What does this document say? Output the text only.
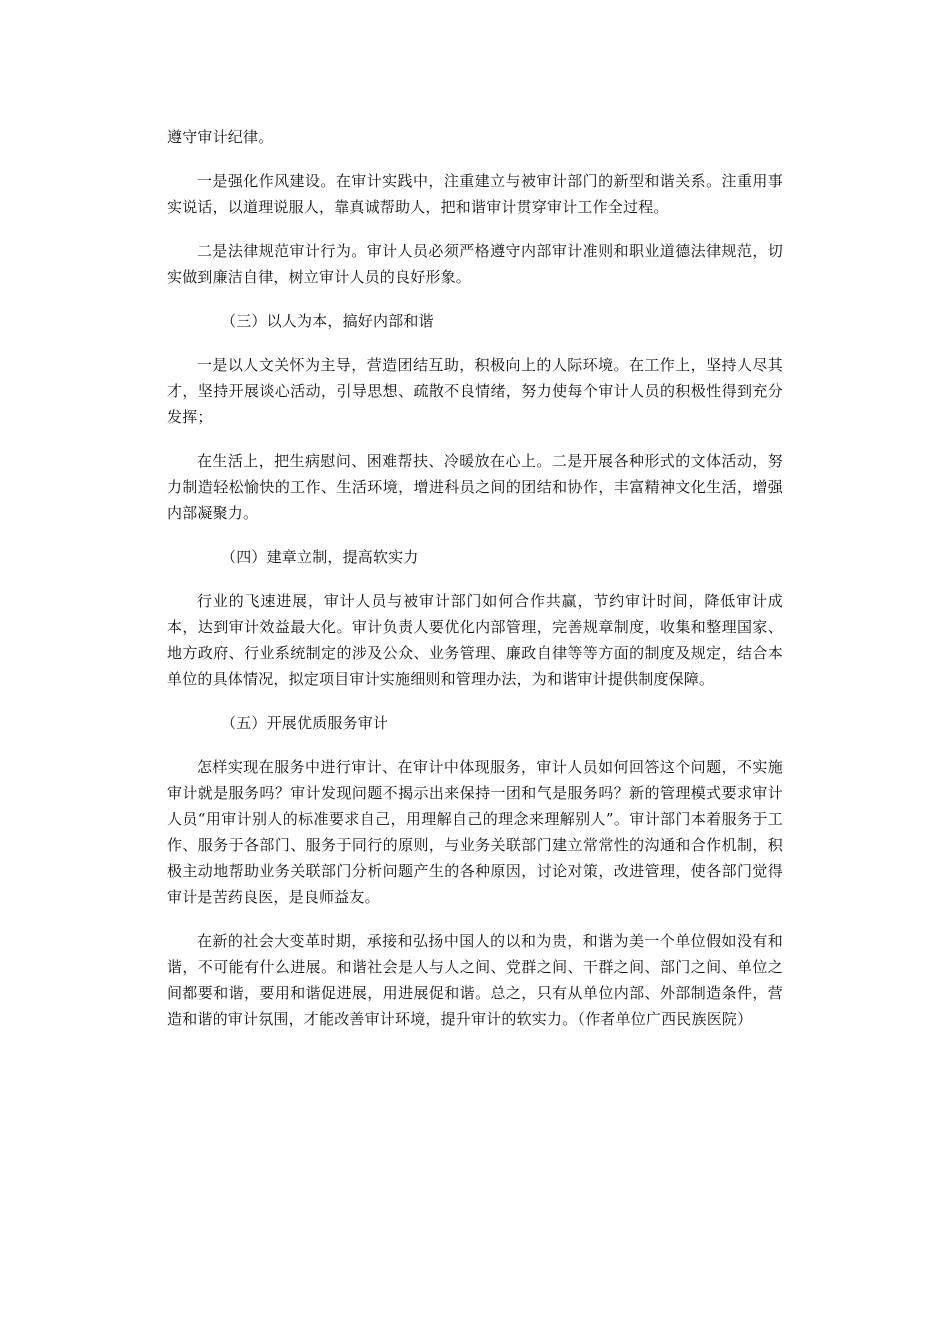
遵守审计纪律。

一是强化作风建设。在审计实践中，注重建立与被审计部门的新型和谐关系。注重用事实说话，以道理说服人，靠真诚帮助人，把和谐审计贯穿审计工作全过程。

二是法律规范审计行为。审计人员必须严格遵守内部审计准则和职业道德法律规范，切实做到廉洁自律，树立审计人员的良好形象。

（三）以人为本，搞好内部和谐

一是以人文关怀为主导，营造团结互助，积极向上的人际环境。在工作上，坚持人尽其才，坚持开展谈心活动，引导思想、疏散不良情绪，努力使每个审计人员的积极性得到充分发挥；

在生活上，把生病慰问、困难帮扶、冷暖放在心上。二是开展各种形式的文体活动，努力制造轻松愉快的工作、生活环境，增进科员之间的团结和协作，丰富精神文化生活，增强内部凝聚力。

（四）建章立制，提高软实力

行业的飞速进展，审计人员与被审计部门如何合作共赢，节约审计时间，降低审计成本，达到审计效益最大化。审计负责人要优化内部管理，完善规章制度，收集和整理国家、地方政府、行业系统制定的涉及公众、业务管理、廉政自律等等方面的制度及规定，结合本单位的具体情况，拟定项目审计实施细则和管理办法，为和谐审计提供制度保障。

（五）开展优质服务审计

怎样实现在服务中进行审计、在审计中体现服务，审计人员如何回答这个问题，不实施审计就是服务吗？审计发现问题不揭示出来保持一团和气是服务吗？新的管理模式要求审计人员“用审计别人的标准要求自己，用理解自己的理念来理解别人”。审计部门本着服务于工作、服务于各部门、服务于同行的原则，与业务关联部门建立常常性的沟通和合作机制，积极主动地帮助业务关联部门分析问题产生的各种原因，讨论对策，改进管理，使各部门觉得审计是苦药良医，是良师益友。

在新的社会大变革时期，承接和弘扬中国人的以和为贵，和谐为美一个单位假如没有和谐，不可能有什么进展。和谐社会是人与人之间、党群之间、干群之间、部门之间、单位之间都要和谐，要用和谐促进展，用进展促和谐。总之，只有从单位内部、外部制造条件，营造和谐的审计氛围，才能改善审计环境，提升审计的软实力。（作者单位广西民族医院）
